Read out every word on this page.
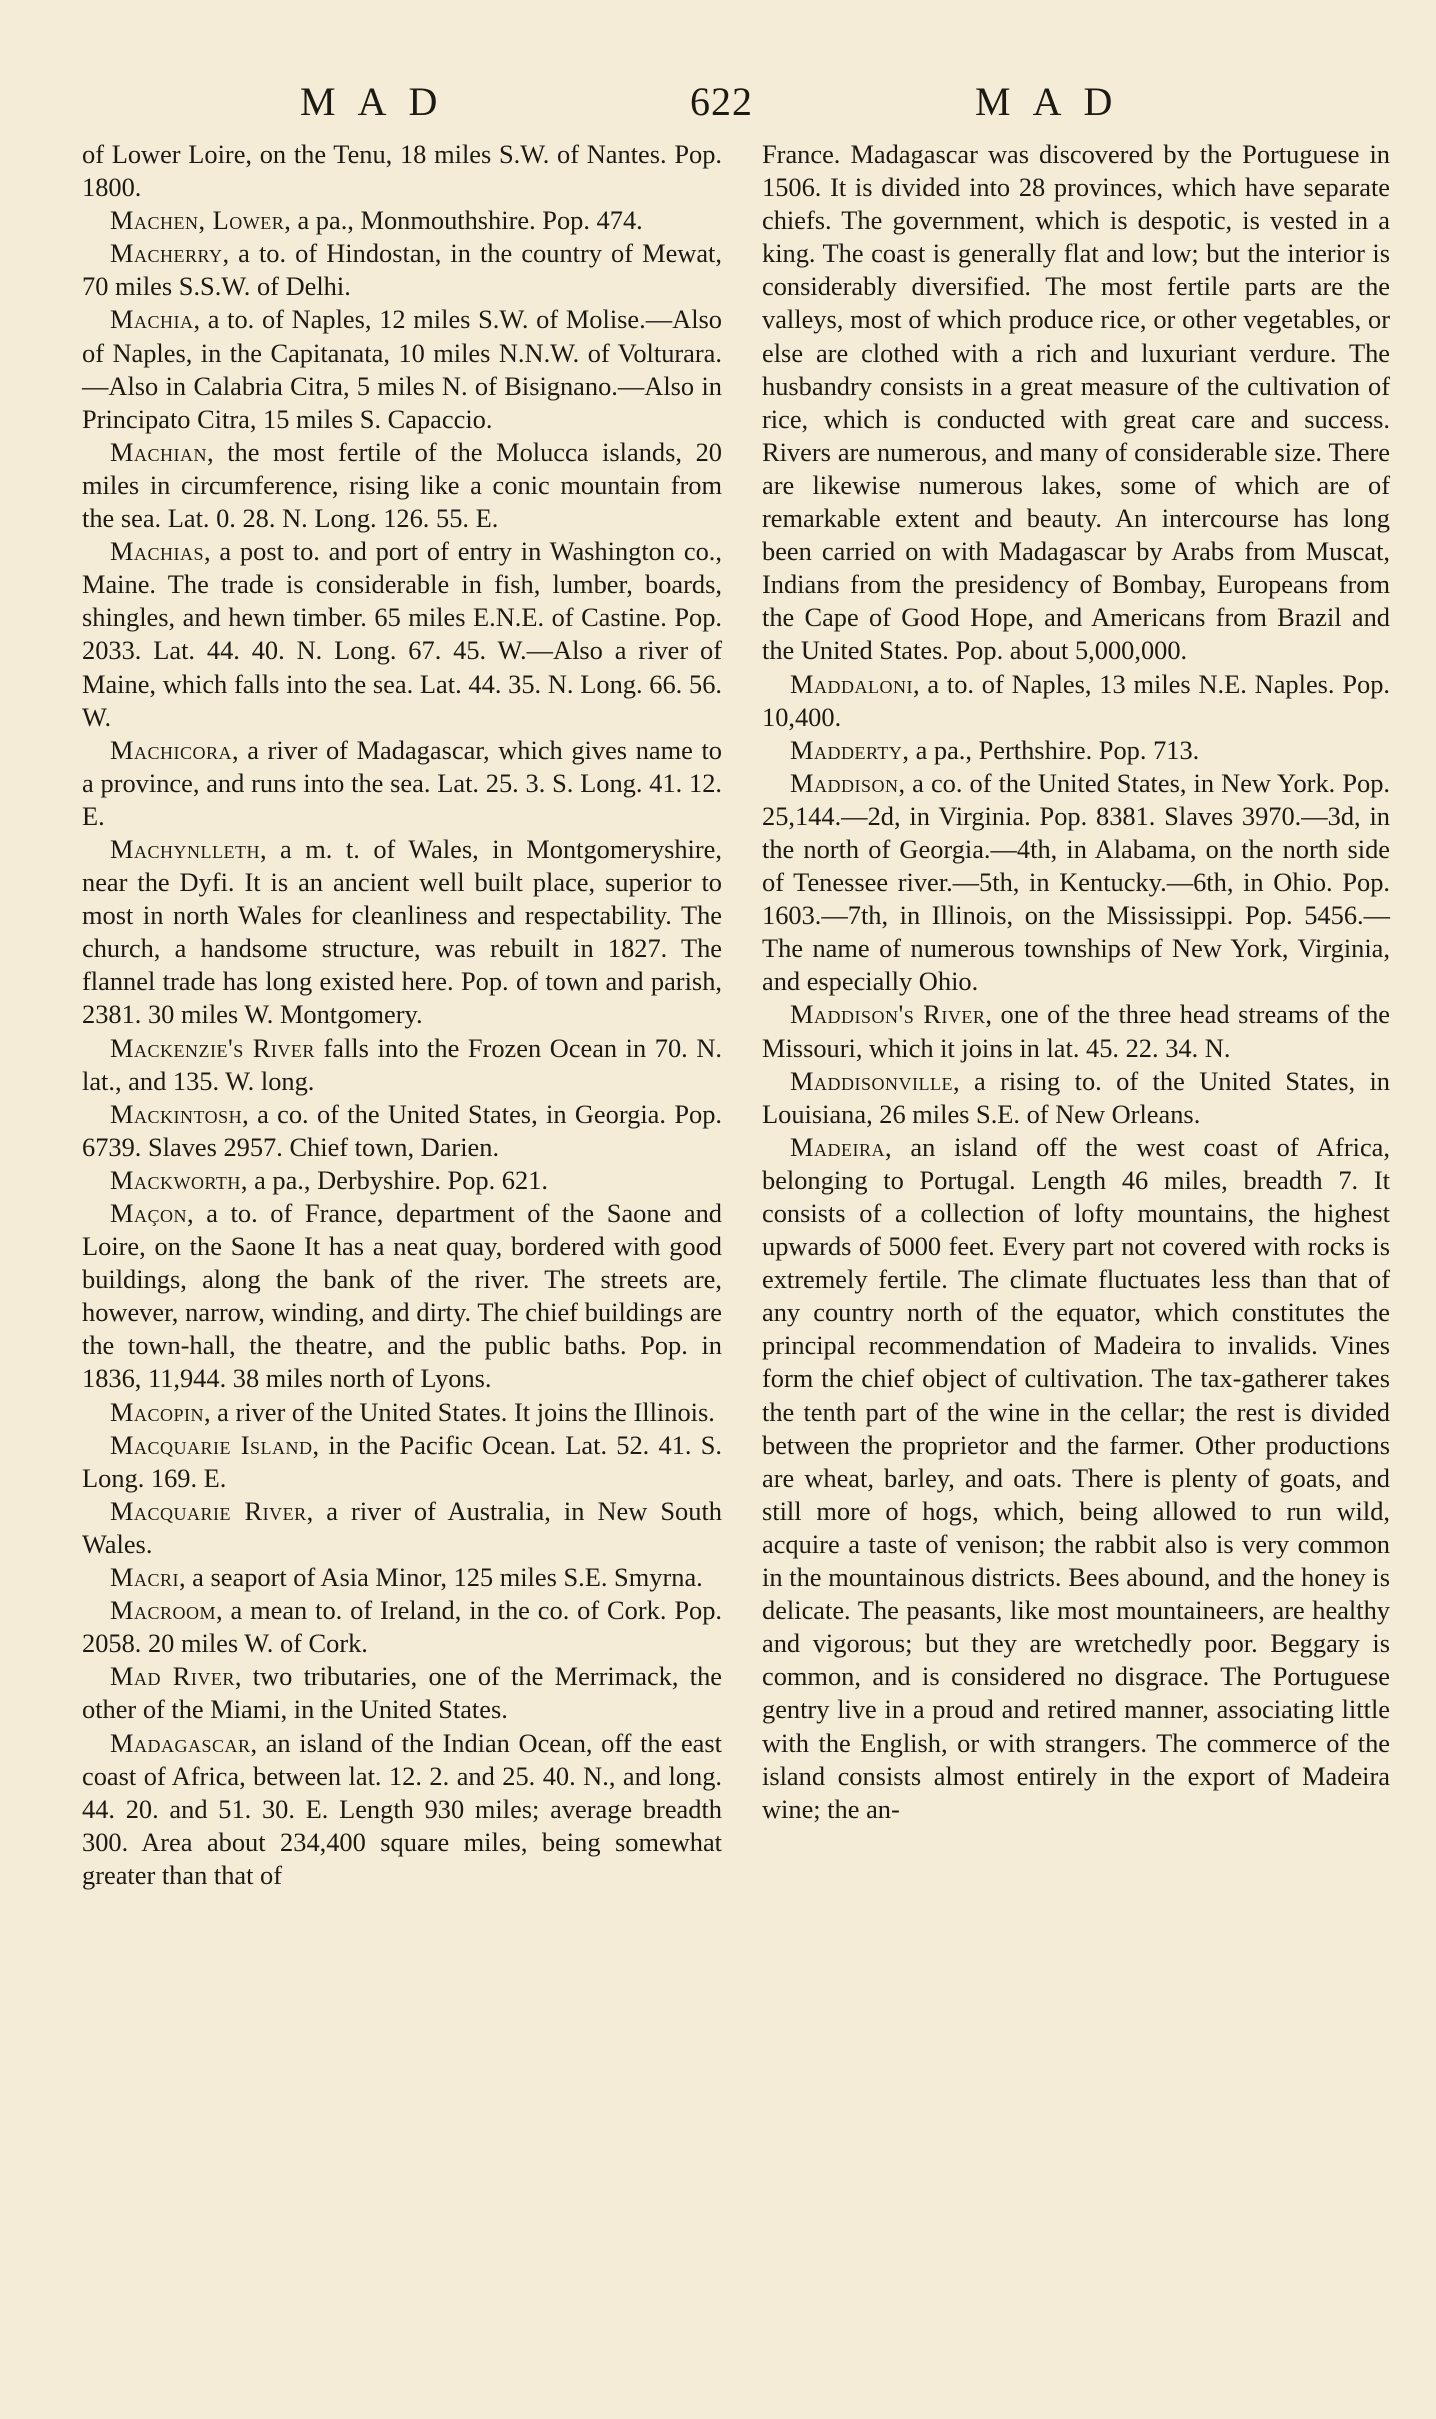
MAD	622	MAD

of Lower Loire, on the Tenu, 18 miles S.W. of Nantes. Pop. 1800.

Machen, Lower, a pa., Monmouthshire. Pop. 474.

Macherry, a to. of Hindostan, in the country of Mewat, 70 miles S.S.W. of Delhi.

Machia, a to. of Naples, 12 miles S.W. of Molise.—Also of Naples, in the Capitanata, 10 miles N.N.W. of Volturara.—Also in Calabria Citra, 5 miles N. of Bisignano.—Also in Principato Citra, 15 miles S. Capaccio.

Machian, the most fertile of the Molucca islands, 20 miles in circumference, rising like a conic mountain from the sea. Lat. 0. 28. N. Long. 126. 55. E.

Machias, a post to. and port of entry in Washington co., Maine. The trade is considerable in fish, lumber, boards, shingles, and hewn timber. 65 miles E.N.E. of Castine. Pop. 2033. Lat. 44. 40. N. Long. 67. 45. W.—Also a river of Maine, which falls into the sea. Lat. 44. 35. N. Long. 66. 56. W.

Machicora, a river of Madagascar, which gives name to a province, and runs into the sea. Lat. 25. 3. S. Long. 41. 12. E.

Machynlleth, a m. t. of Wales, in Montgomeryshire, near the Dyfi. It is an ancient well built place, superior to most in north Wales for cleanliness and respectability. The church, a handsome structure, was rebuilt in 1827. The flannel trade has long existed here. Pop. of town and parish, 2381. 30 miles W. Montgomery.

Mackenzie's River falls into the Frozen Ocean in 70. N. lat., and 135. W. long.

Mackintosh, a co. of the United States, in Georgia. Pop. 6739. Slaves 2957. Chief town, Darien.

Mackworth, a pa., Derbyshire. Pop. 621.

Maçon, a to. of France, department of the Saone and Loire, on the Saone It has a neat quay, bordered with good buildings, along the bank of the river. The streets are, however, narrow, winding, and dirty. The chief buildings are the town-hall, the theatre, and the public baths. Pop. in 1836, 11,944. 38 miles north of Lyons.

Macopin, a river of the United States. It joins the Illinois.

Macquarie Island, in the Pacific Ocean. Lat. 52. 41. S. Long. 169. E.

Macquarie River, a river of Australia, in New South Wales.

Macri, a seaport of Asia Minor, 125 miles S.E. Smyrna.

Macroom, a mean to. of Ireland, in the co. of Cork. Pop. 2058. 20 miles W. of Cork.

Mad River, two tributaries, one of the Merrimack, the other of the Miami, in the United States.

Madagascar, an island of the Indian Ocean, off the east coast of Africa, between lat. 12. 2. and 25. 40. N., and long. 44. 20. and 51. 30. E. Length 930 miles; average breadth 300. Area about 234,400 square miles, being somewhat greater than that of

France. Madagascar was discovered by the Portuguese in 1506. It is divided into 28 provinces, which have separate chiefs. The government, which is despotic, is vested in a king. The coast is generally flat and low; but the interior is considerably diversified. The most fertile parts are the valleys, most of which produce rice, or other vegetables, or else are clothed with a rich and luxuriant verdure. The husbandry consists in a great measure of the cultivation of rice, which is conducted with great care and success. Rivers are numerous, and many of considerable size. There are likewise numerous lakes, some of which are of remarkable extent and beauty. An intercourse has long been carried on with Madagascar by Arabs from Muscat, Indians from the presidency of Bombay, Europeans from the Cape of Good Hope, and Americans from Brazil and the United States. Pop. about 5,000,000.

Maddaloni, a to. of Naples, 13 miles N.E. Naples. Pop. 10,400.

Madderty, a pa., Perthshire. Pop. 713.

Maddison, a co. of the United States, in New York. Pop. 25,144.—2d, in Virginia. Pop. 8381. Slaves 3970.—3d, in the north of Georgia.—4th, in Alabama, on the north side of Tenessee river.—5th, in Kentucky.—6th, in Ohio. Pop. 1603.—7th, in Illinois, on the Mississippi. Pop. 5456.—The name of numerous townships of New York, Virginia, and especially Ohio.

Maddison's River, one of the three head streams of the Missouri, which it joins in lat. 45. 22. 34. N.

Maddisonville, a rising to. of the United States, in Louisiana, 26 miles S.E. of New Orleans.

Madeira, an island off the west coast of Africa, belonging to Portugal. Length 46 miles, breadth 7. It consists of a collection of lofty mountains, the highest upwards of 5000 feet. Every part not covered with rocks is extremely fertile. The climate fluctuates less than that of any country north of the equator, which constitutes the principal recommendation of Madeira to invalids. Vines form the chief object of cultivation. The tax-gatherer takes the tenth part of the wine in the cellar; the rest is divided between the proprietor and the farmer. Other productions are wheat, barley, and oats. There is plenty of goats, and still more of hogs, which, being allowed to run wild, acquire a taste of venison; the rabbit also is very common in the mountainous districts. Bees abound, and the honey is delicate. The peasants, like most mountaineers, are healthy and vigorous; but they are wretchedly poor. Beggary is common, and is considered no disgrace. The Portuguese gentry live in a proud and retired manner, associating little with the English, or with strangers. The commerce of the island consists almost entirely in the export of Madeira wine; the an-
